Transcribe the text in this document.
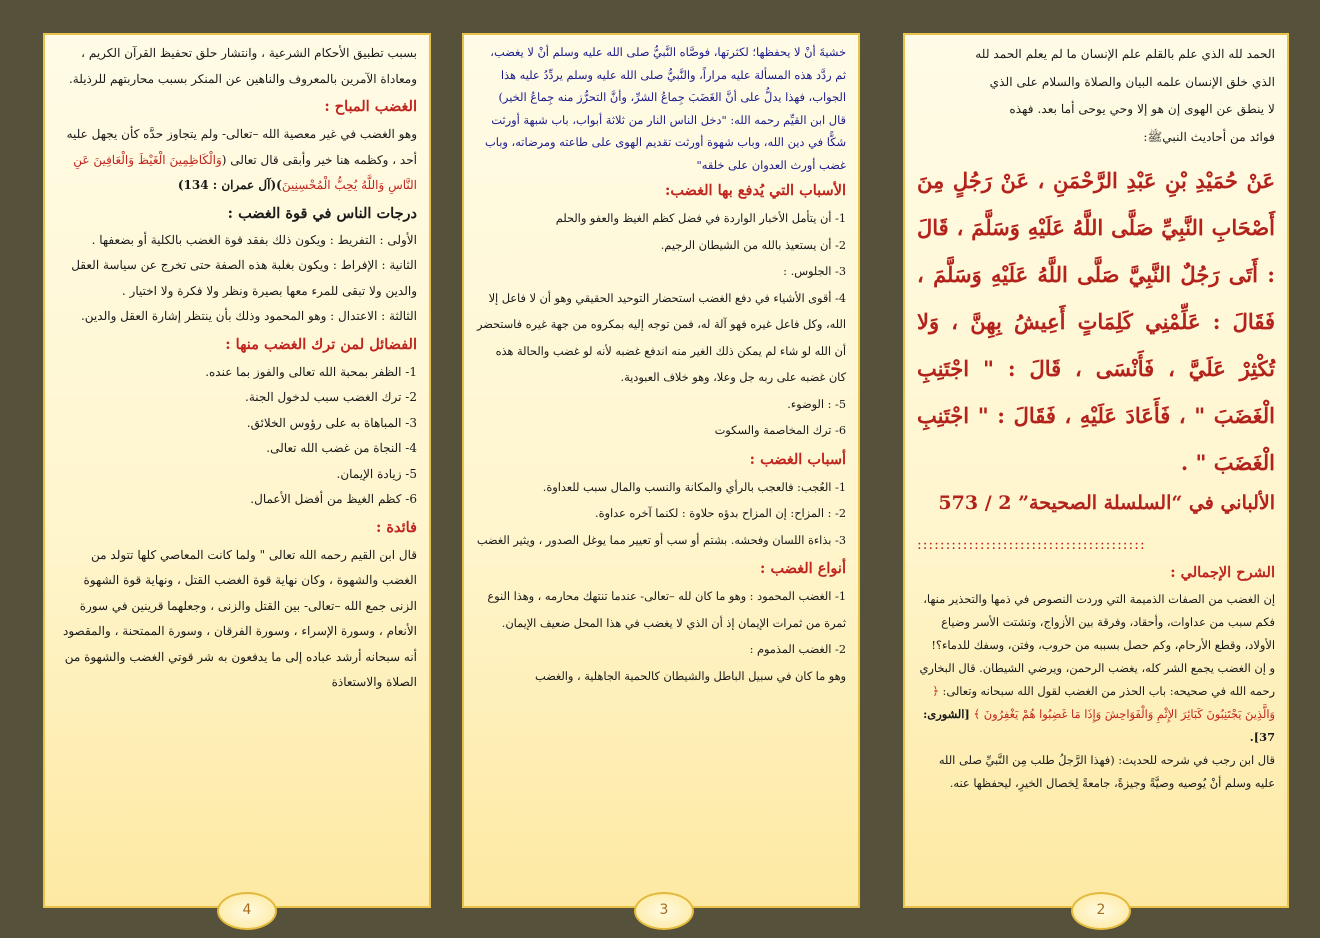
الحمد لله الذي علم بالقلم علم الإنسان ما لم يعلم الحمد لله

الذي خلق الإنسان علمه البيان والصلاة والسلام على الذي

لا ينطق عن الهوى إن هو إلا وحي يوحى أما بعد. فهذه

فوائد من أحاديث النبيﷺ:

عَنْ حُمَيْدِ بْنِ عَبْدِ الرَّحْمَنِ ، عَنْ رَجُلٍ مِنَ أَصْحَابِ النَّبِيِّ صَلَّى اللَّهُ عَلَيْهِ وَسَلَّمَ ، قَالَ : أَتَى رَجُلٌ النَّبِيَّ صَلَّى اللَّهُ عَلَيْهِ وَسَلَّمَ ، فَقَالَ : عَلِّمْنِي كَلِمَاتٍ أَعِيشُ بِهِنَّ ، وَلا تُكْثِرْ عَلَيَّ ، فَأَنْسَى ، قَالَ : " اجْتَنِبِ الْغَضَبَ " ، فَأَعَادَ عَلَيْهِ ، فَقَالَ : " اجْتَنِبِ الْغَضَبَ " .

الألباني في “السلسلة الصحيحة” 2 / 573

::::::::::::::::::::::::::::::::::::::::

الشرح الإجمالي :

إن الغضب من الصفات الذميمة التي وردت النصوص في ذمها والتحذير منها، فكم سبب من عداوات، وأحقاد، وفرقة بين الأزواج، وتشتت الأسر وضياع الأولاد، وقطع الأرحام، وكم حصل بسببه من حروب، وفتن، وسفك للدماء؟!

و إن الغضب يجمع الشر كله، يغضب الرحمن، ويرضي الشيطان. قال البخاري رحمه الله في صحيحه: باب الحذر من الغضب لقول الله سبحانه وتعالى: ﴿ وَالَّذِينَ يَجْتَنِبُونَ كَبَائِرَ الإِثْمِ وَالْفَوَاحِشَ وَإِذَا مَا غَضِبُوا هُمْ يَغْفِرُونَ ﴾ [الشورى: 37].

قال ابن رجب في شرحه للحديث: (فهذا الرَّجلُ طلب مِن النَّبيِّ صلى الله عليه وسلم أنْ يُوصيه وصيَّةً وجيزةً، جامعةً لِخصال الخيرِ، ليحفظها عنه.

2

خشيةَ أنْ لا يحفظها؛ لكثرتها، فوصَّاه النَّبيُّ صلى الله عليه وسلم أنْ لا يغضب، ثم ردَّد هذه المسألة عليه مراراً، والنَّبيُّ صلى الله عليه وسلم يردِّدُ عليه هذا الجواب، فهذا يدلُّ على أنَّ الغَضَبَ جِماعُ الشرِّ، وأنَّ التحرُّز منه جِماعُ الخير)

قال ابن القيِّم رحمه الله: "دخل الناس النار من ثلاثة أبواب، باب شبهة أورثت شكًّا في دين الله، وباب شهوة أورثت تقديم الهوى على طاعته ومرضاته، وباب غضب أورث العدوان على خلقه"

الأسباب التي يُدفع بها الغضب:

1- أن يتأمل الأخبار الواردة في فضل كظم الغيظ والعفو والحلم

2- أن يستعيذ بالله من الشيطان الرجيم.

3- الجلوس. :

4- أقوى الأشياء في دفع الغضب استحضار التوحيد الحقيقي وهو أن لا فاعل إلا الله، وكل فاعل غيره فهو آلة له، فمن توجه إليه بمكروه من جهة غيره فاستحضر أن الله لو شاء لم يمكن ذلك الغير منه اندفع غضبه لأنه لو غضب والحالة هذه كان غضبه على ربه جل وعلا، وهو خلاف العبودية.

5- : الوضوء.

6- ترك المخاصمة والسكوت

أسباب الغضب :

1- العُجب: فالعجب بالرأي والمكانة والنسب والمال سبب للعداوة.

2- : المزاح: إن المزاح بدؤه حلاوة : لكنما آخره عداوة.

3- بذاءة اللسان وفحشه. بشتم أو سب أو تعيير مما يوغل الصدور ، ويثير الغضب

أنواع الغضب :

1- الغضب المحمود : وهو ما كان لله –تعالى- عندما تنتهك محارمه ، وهذا النوع ثمرة من ثمرات الإيمان إذ أن الذي لا يغضب في هذا المحل ضعيف الإيمان.

2- الغضب المذموم :

وهو ما كان في سبيل الباطل والشيطان كالحمية الجاهلية ، والغضب

3

بسبب تطبيق الأحكام الشرعية ، وانتشار حلق تحفيظ القرآن الكريم ، ومعاداة الآمرين بالمعروف والناهين عن المنكر بسبب محاربتهم للرذيلة.

الغضب المباح :

وهو الغضب في غير معصية الله –تعالى- ولم يتجاوز حدَّه كأن يجهل عليه أحد ، وكظمه هنا خير وأبقى قال تعالى (وَالْكَاظِمِينَ الْغَيْظَ وَالْعَافِينَ عَنِ النَّاسِ وَاللَّهُ يُحِبُّ الْمُحْسِنِينَ)(آل عمران : 134)

درجات الناس في قوة الغضب :

الأولى : التفريط : ويكون ذلك بفقد قوة الغضب بالكلية أو بضعفها .

الثانية : الإفراط : ويكون بغلبة هذه الصفة حتى تخرج عن سياسة العقل والدين ولا تبقى للمرء معها بصيرة ونظر ولا فكرة ولا اختيار .

الثالثة : الاعتدال : وهو المحمود وذلك بأن ينتظر إشارة العقل والدين.

الفضائل لمن ترك الغضب منها :

1- الظفر بمحبة الله تعالى والفوز بما عنده.

2- ترك الغضب سبب لدخول الجنة.

3- المباهاة به على رؤوس الخلائق.

4- النجاة من غضب الله تعالى.

5- زيادة الإيمان.

6- كظم الغيظ من أفضل الأعمال.

فائدة :

قال ابن القيم رحمه الله تعالى " ولما كانت المعاصي كلها تتولد من الغضب والشهوة ، وكان نهاية قوة الغضب القتل ، ونهاية قوة الشهوة الزنى جمع الله –تعالى- بين القتل والزنى ، وجعلهما قرينين في سورة الأنعام ، وسورة الإسراء ، وسورة الفرقان ، وسورة الممتحنة ، والمقصود أنه سبحانه أرشد عباده إلى ما يدفعون به شر قوتي الغضب والشهوة من الصلاة والاستعاذة

4
